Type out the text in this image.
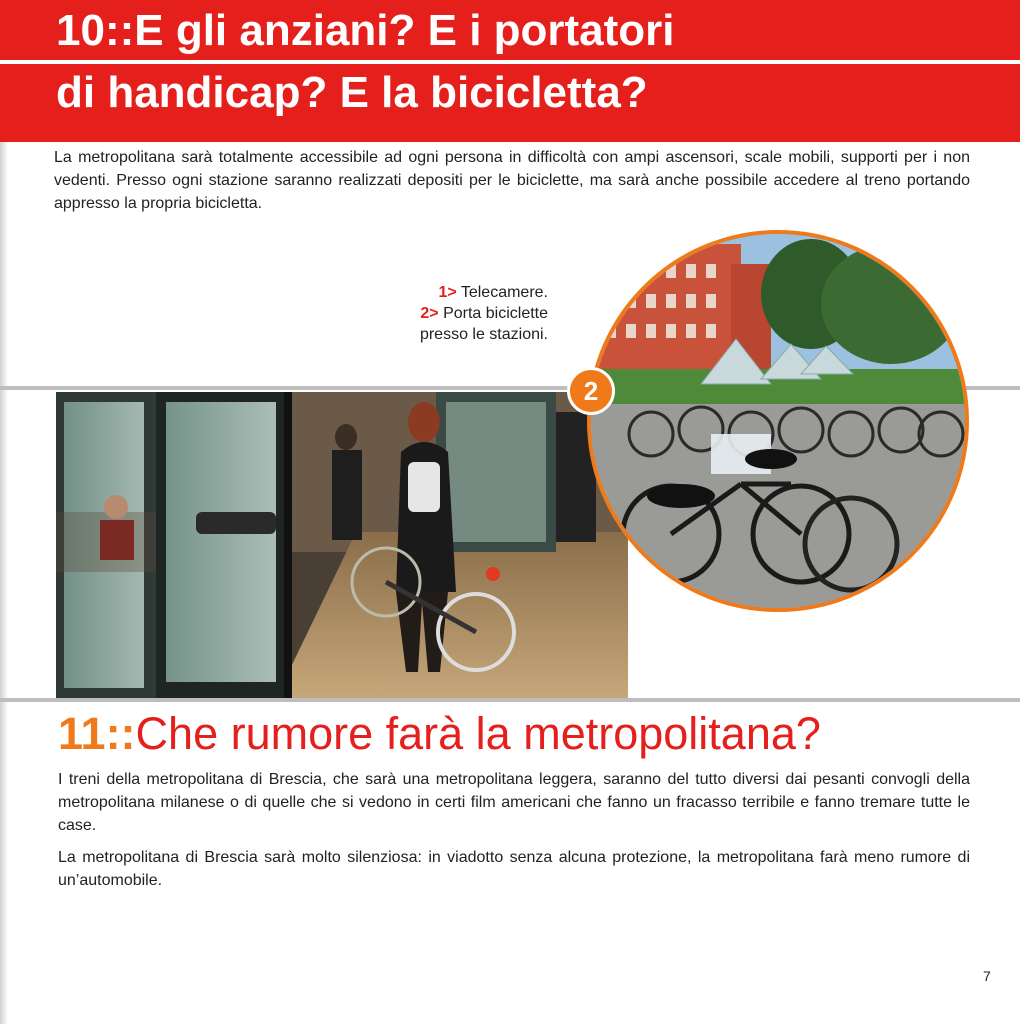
10::E gli anziani? E i portatori
di handicap? E la bicicletta?

La metropolitana sarà totalmente accessibile ad ogni persona in difficoltà con ampi ascensori, scale mobili, supporti per i non vedenti. Presso ogni stazione saranno realizzati depositi per le biciclette, ma sarà anche possibile accedere al treno portando appresso la propria bicicletta.

1> Telecamere.
2> Porta biciclette
presso le stazioni.
2
11::Che rumore farà la metropolitana?

I treni della metropolitana di Brescia, che sarà una metropolitana leggera, saranno del tutto diversi dai pesanti convogli della metropolitana milanese o di quelle che si vedono in certi film americani che fanno un fracasso terribile e fanno tremare tutte le case.

La metropolitana di Brescia sarà molto silenziosa: in viadotto senza alcuna protezione, la metropolitana farà meno rumore di un’automobile.

7
